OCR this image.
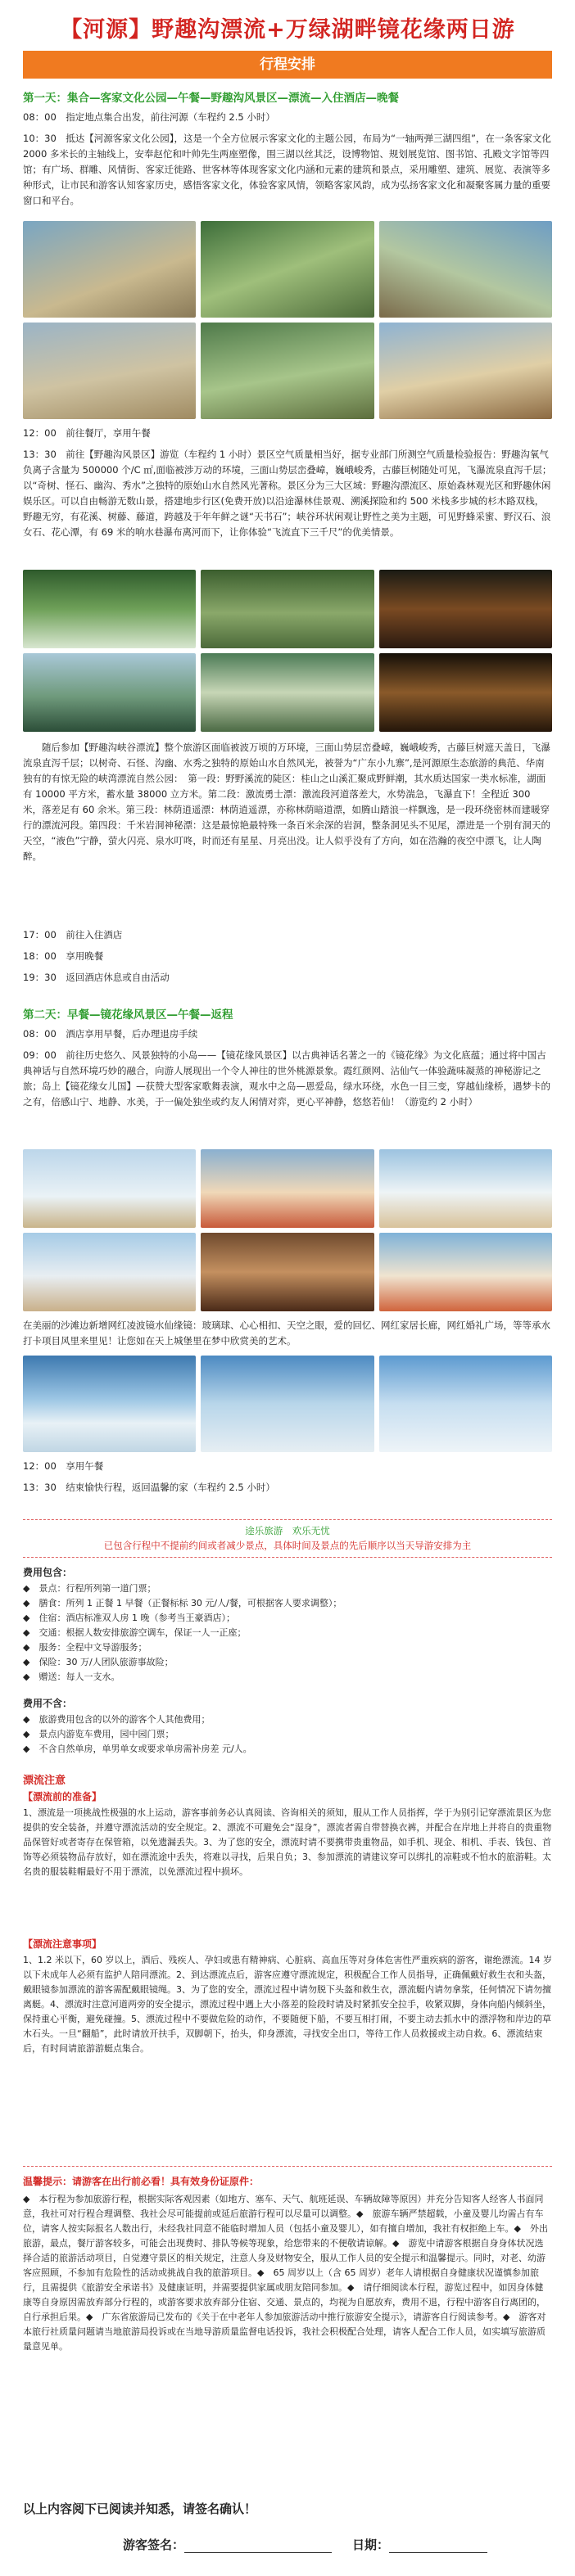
【河源】野趣沟漂流+万绿湖畔镜花缘两日游
行程安排
第一天：集合—客家文化公园—午餐—野趣沟风景区—漂流—入住酒店—晚餐
08：00　指定地点集合出发，前往河源（车程约 2.5 小时）
10：30　抵达【河源客家文化公园】，这是一个全方位展示客家文化的主题公园，布局为“一轴两弹三湖四组”，在一条客家文化 2000 多米长的主轴线上，安奉赵佗和叶帅先生两座塑像，围三湖以丝其泛，设博物馆、规划展览馆、图书馆、孔殿文字馆等四馆；有广场、群雕、风情街、客家迁徙路、世客林等体现客家文化内涵和元素的建筑和景点，采用雕塑、建筑、展览、表演等多种形式，让市民和游客认知客家历史，感悟客家文化，体验客家风情，领略客家风韵，成为弘扬客家文化和凝聚客属力量的重要窗口和平台。
12：00　前往餐厅，享用午餐
13：30　前往【野趣沟风景区】游览（车程约 1 小时）景区空气质量相当好，据专业部门所测空气质量检验报告：野趣沟氧气负离子含量为 500000 个/C ㎡,面临被涉万动的环境，三面山势层峦叠嶂，巍峨峻秀，古藤巨树随处可见，飞瀑流泉直泻千层；以“奇树、怪石、幽沟、秀水”之独特的原始山水自然风光著称。景区分为三大区域：野趣沟漂流区、原始森林观光区和野趣休闲娱乐区。可以自由畅游无数山景，搭建地步行区(免费开放)以沿途瀑林佳景观、溯溪探险和约 500 米栈多步城的杉木路双栈，野趣无穷，有花溪、树藤、藤道，跨越及于年年鲜之谜“天书石”；峡谷环状闲观让野性之美为主题，可见野蜂采蜜、野汉石、浪女石、花心潭，有 69 米的响水巷瀑布离河而下，让你体验“飞流直下三千尺”的优美情景。
随后参加【野趣沟峡谷漂流】整个旅游区面临被波万顷的万环境，三面山势层峦叠嶂，巍峨峻秀，古藤巨树遮天盖日，飞瀑流泉直泻千层；以树奇、石怪、沟幽、水秀之独特的原始山水自然风光，被誉为“广东小九寨”,是河源原生态旅游的典范、华南独有的有惊无险的峡湾漂流自然公园：　第一段：野野溪流的陡区：桂山之山溪汇聚成野鲜潮，其水质达国家一类水标准，湖面有 10000 平方米，蓄水量 38000 立方米。第二段：激流勇士漂：激流段河道落差大，水势湍急，飞瀑直下！全程近 300 米，落差足有 60 余米。第三段：林荫逍遥漂：林荫逍遥漂，亦称林荫暗道漂，如腾山踏浪一样飘逸，是一段环绕密林而建暖穿行的漂流河段。第四段：千米岩洞神秘漂：这是最惊艳最特殊一条百米余深的岩洞，整条洞见头不见尾，漂进是一个别有洞天的天空，“液色”宁静，萤火闪亮、泉水叮咚，时而还有星星、月亮出没。让人似乎没有了方向，如在浩瀚的夜空中漂飞，让人陶醉。
17：00　前往入住酒店
18：00　享用晚餐
19：30　返回酒店休息或自由活动
第二天：早餐—镜花缘风景区—午餐—返程
08：00　酒店享用早餐，后办理退房手续
09：00　前往历史悠久、风景独特的小岛——【镜花缘风景区】以古典神话名著之一的《镜花缘》为文化底蕴；通过将中国古典神话与自然环境巧妙的融合，向游人展现出一个令人神往的世外桃源景象。霞红颜网、沾仙气一体验蔬味凝蒸的神秘游记之旅；岛上【镜花缘女儿国】—获赞大型客家歌舞表演，观水中之岛—恩爱岛，绿水环绕，水色一目三变，穿越仙缘桥，遇梦卡的之有，倍感山宁、地静、水美，于一偏处独坐或约友人闲情对弈，更心平神静，悠悠若仙！（游览约 2 小时）
在美丽的沙滩边新增网红凌波镜水仙缘镜：玻璃球、心心相扣、天空之眼，爱的回忆、网红家居长廊，网红婚礼广场，等等承水打卡项目风里来里见！让您如在天上城堡里在梦中欣赏美的艺术。
12：00　享用午餐
13：30　结束愉快行程，返回温馨的家（车程约 2.5 小时）
途乐旅游　欢乐无忧
已包含行程中不提前约间或者减少景点，具体时间及景点的先后顺序以当天导游安排为主
费用包含：

◆　景点：行程所列第一道门票；

◆　膳食：所列 1 正餐 1 早餐（正餐标标 30 元/人/餐，可根据客人要求调整）；

◆　住宿：酒店标准双人房 1 晚（参考当王豪酒店）；

◆　交通：根据人数安排旅游空调车，保证一人一正座；

◆　服务：全程中文导游服务；

◆　保险：30 万/人团队旅游事故险；

◆　赠送：每人一支水。

费用不含：

◆　旅游费用包含的以外的游客个人其他费用；

◆　景点内游览车费用，园中园门票；

◆　不含自然单房，单男单女或要求单房需补房差 元/人。

漂流注意
【漂流前的准备】
1、漂流是一项挑战性极强的水上运动，游客事前务必认真阅读、咨询相关的须知，服从工作人员指挥，学于为别引记穿漂流景区为您提供的安全装备，并遵守漂流活动的安全规定。2、漂流不可避免会“湿身”，漂流者需自带替换衣裤，并配合在岸地上并将自的贵重物品保管好或者寄存在保管箱，以免遗漏丢失。3、为了您的安全，漂流时请不要携带贵重物品，如手机、现金、相机、手表、钱包、首饰等必须装物品存放好，如在漂流途中丢失，将难以寻找，后果自负；3、参加漂流的请建议穿可以绑扎的凉鞋或不怕水的旅游鞋。太名贵的服装鞋帽最好不用于漂流，以免漂流过程中损坏。
【漂流注意事项】
1、1.2 米以下，60 岁以上，酒后、残疾人、孕妇或患有精神病、心脏病、高血压等对身体危害性严重疾病的游客，谢绝漂流。14 岁以下未成年人必须有监护人陪同漂流。2、到达漂流点后，游客应遵守漂流规定，积极配合工作人员指导，正确佩戴好救生衣和头盔，戴眼镜参加漂流的游客需配戴眼镜绳。3、为了您的安全，漂流过程中请勿脱下头盔和救生衣，漂流艇内请勿拿浆，任何情况下请勿擅离艇。4、漂流时注意河道两旁的安全提示，漂流过程中遇上大小落差的险段时请及时紧抓安全拉手，收紧双脚，身体向船内倾斜坐，保持重心平衡，避免碰撞。5、漂流过程中不要做危险的动作，不要随便下船，不要互相打闹，不要主动去抓水中的漂浮物和岸边的草木石头。一旦“翻船”，此时请放开扶手，双脚朝下，抬头，仰身漂流，寻找安全出口，等待工作人员救援或主动自救。6、漂流结束后，有时间请旅游游艇点集合。
温馨提示：请游客在出行前必看！具有效身份证原件：
◆　本行程为参加旅游行程，根据实际客观因素（如地方、塞车、天气、航班延误、车辆故障等原因）并充分告知客人经客人书面同意，我社可对行程合理调整、我社会尽可能提前或延后旅游行程可以尽量可以调整。◆　旅游车辆严禁超载，小童及婴儿均需占有车位，请客人按实际报名人数出行，未经我社同意不能临时增加人员（包括小童及婴儿），如有擅自增加，我社有权拒绝上车。◆　外出旅游，最点，餐厅游客较多，可能会出现费时、排队等候等现象，给您带来的不便敬请谅解。◆　游览中请游客根据自身身体状况选择合适的旅游活动项目，自觉遵守景区的相关规定，注意人身及财物安全，服从工作人员的安全提示和温馨提示。同时，对老、幼游客应照顾，不参加有危险性的活动或挑战自我的旅游项目。◆　65 周岁以上（含 65 周岁）老年人请根据自身健康状况谨慎参加旅行，且需提供《旅游安全承诺书》及健康证明，并需要提供家属或朋友陪同参加。◆　请仔细阅读本行程，游览过程中，如因身体健康等自身原因需放弃部分行程的，或游客要求放弃部分住宿、交通、景点的，均视为自愿放弃，费用不退，行程中游客自行离团的，自行承担后果。◆　广东省旅游局已发布的《关于在中老年人参加旅游活动中推行旅游安全提示》，请游客自行阅读参考。◆　游客对本旅行社质量问题请当地旅游局投诉或在当地导游质量监督电话投诉，我社会积极配合处理，请客人配合工作人员，如实填写旅游质量意见单。
以上内容阅下已阅读并知悉，请签名确认！
游客签名：	日期：
